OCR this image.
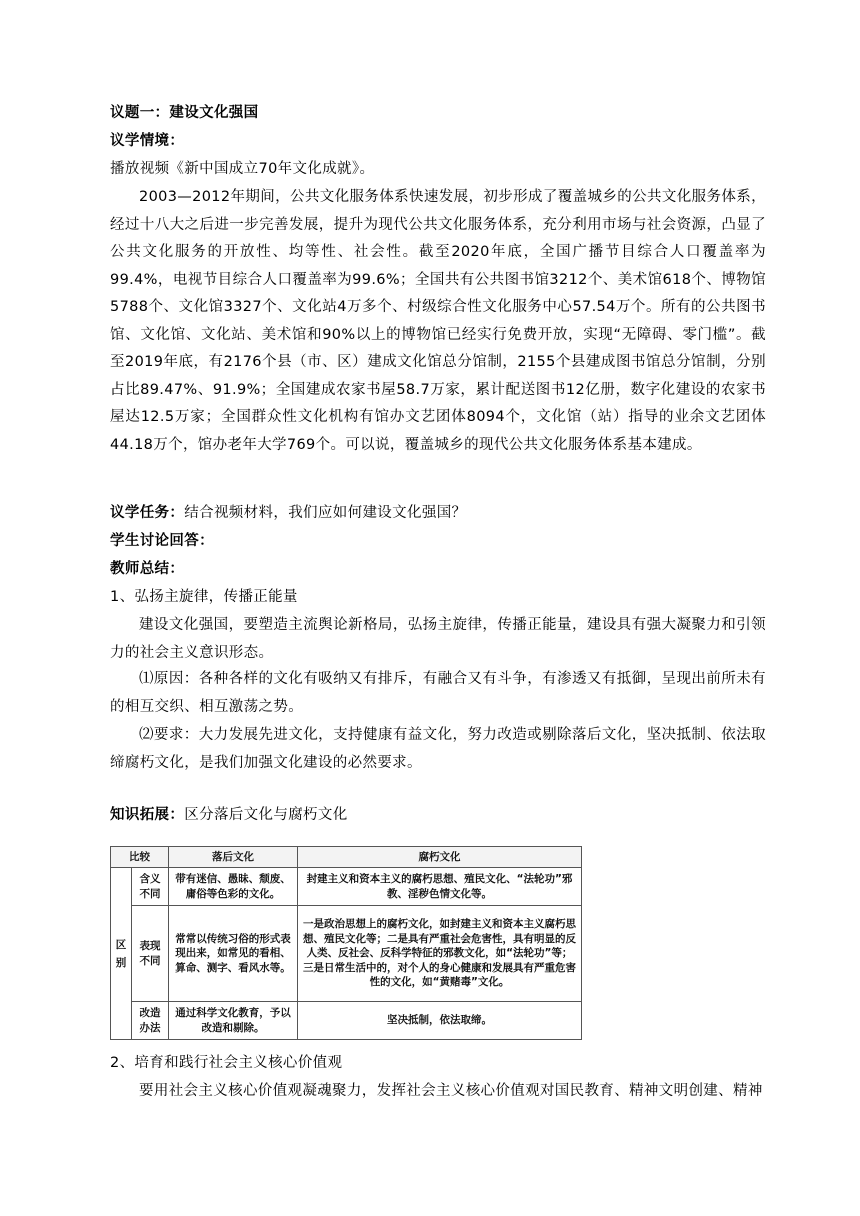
议题一：建设文化强国
议学情境：
播放视频《新中国成立70年文化成就》。
2003—2012年期间，公共文化服务体系快速发展，初步形成了覆盖城乡的公共文化服务体系，经过十八大之后进一步完善发展，提升为现代公共文化服务体系，充分利用市场与社会资源，凸显了公共文化服务的开放性、均等性、社会性。截至2020年底，全国广播节目综合人口覆盖率为99.4%，电视节目综合人口覆盖率为99.6%；全国共有公共图书馆3212个、美术馆618个、博物馆5788个、文化馆3327个、文化站4万多个、村级综合性文化服务中心57.54万个。所有的公共图书馆、文化馆、文化站、美术馆和90%以上的博物馆已经实行免费开放，实现“无障碍、零门槛”。截至2019年底，有2176个县（市、区）建成文化馆总分馆制，2155个县建成图书馆总分馆制，分别占比89.47%、91.9%；全国建成农家书屋58.7万家，累计配送图书12亿册，数字化建设的农家书屋达12.5万家；全国群众性文化机构有馆办文艺团体8094个，文化馆（站）指导的业余文艺团体44.18万个，馆办老年大学769个。可以说，覆盖城乡的现代公共文化服务体系基本建成。
议学任务：结合视频材料，我们应如何建设文化强国？
学生讨论回答：
教师总结：
1、弘扬主旋律，传播正能量
建设文化强国，要塑造主流舆论新格局，弘扬主旋律，传播正能量，建设具有强大凝聚力和引领力的社会主义意识形态。
⑴原因：各种各样的文化有吸纳又有排斥，有融合又有斗争，有渗透又有抵御，呈现出前所未有的相互交织、相互激荡之势。
⑵要求：大力发展先进文化，支持健康有益文化，努力改造或剔除落后文化，坚决抵制、依法取缔腐朽文化，是我们加强文化建设的必然要求。
知识拓展：区分落后文化与腐朽文化
比较		落后文化	腐朽文化
区别	含义不同	带有迷信、愚昧、颓废、庸俗等色彩的文化。	封建主义和资本主义的腐朽思想、殖民文化、“法轮功”邪教、淫秽色情文化等。
	表现不同	常常以传统习俗的形式表现出来，如常见的看相、算命、测字、看风水等。	一是政治思想上的腐朽文化，如封建主义和资本主义腐朽思想、殖民文化等；二是具有严重社会危害性，具有明显的反人类、反社会、反科学特征的邪教文化，如“法轮功”等；三是日常生活中的，对个人的身心健康和发展具有严重危害性的文化，如“黄赌毒”文化。
	改造办法	通过科学文化教育，予以改造和剔除。	坚决抵制，依法取缔。
2、培育和践行社会主义核心价值观
要用社会主义核心价值观凝魂聚力，发挥社会主义核心价值观对国民教育、精神文明创建、精神
